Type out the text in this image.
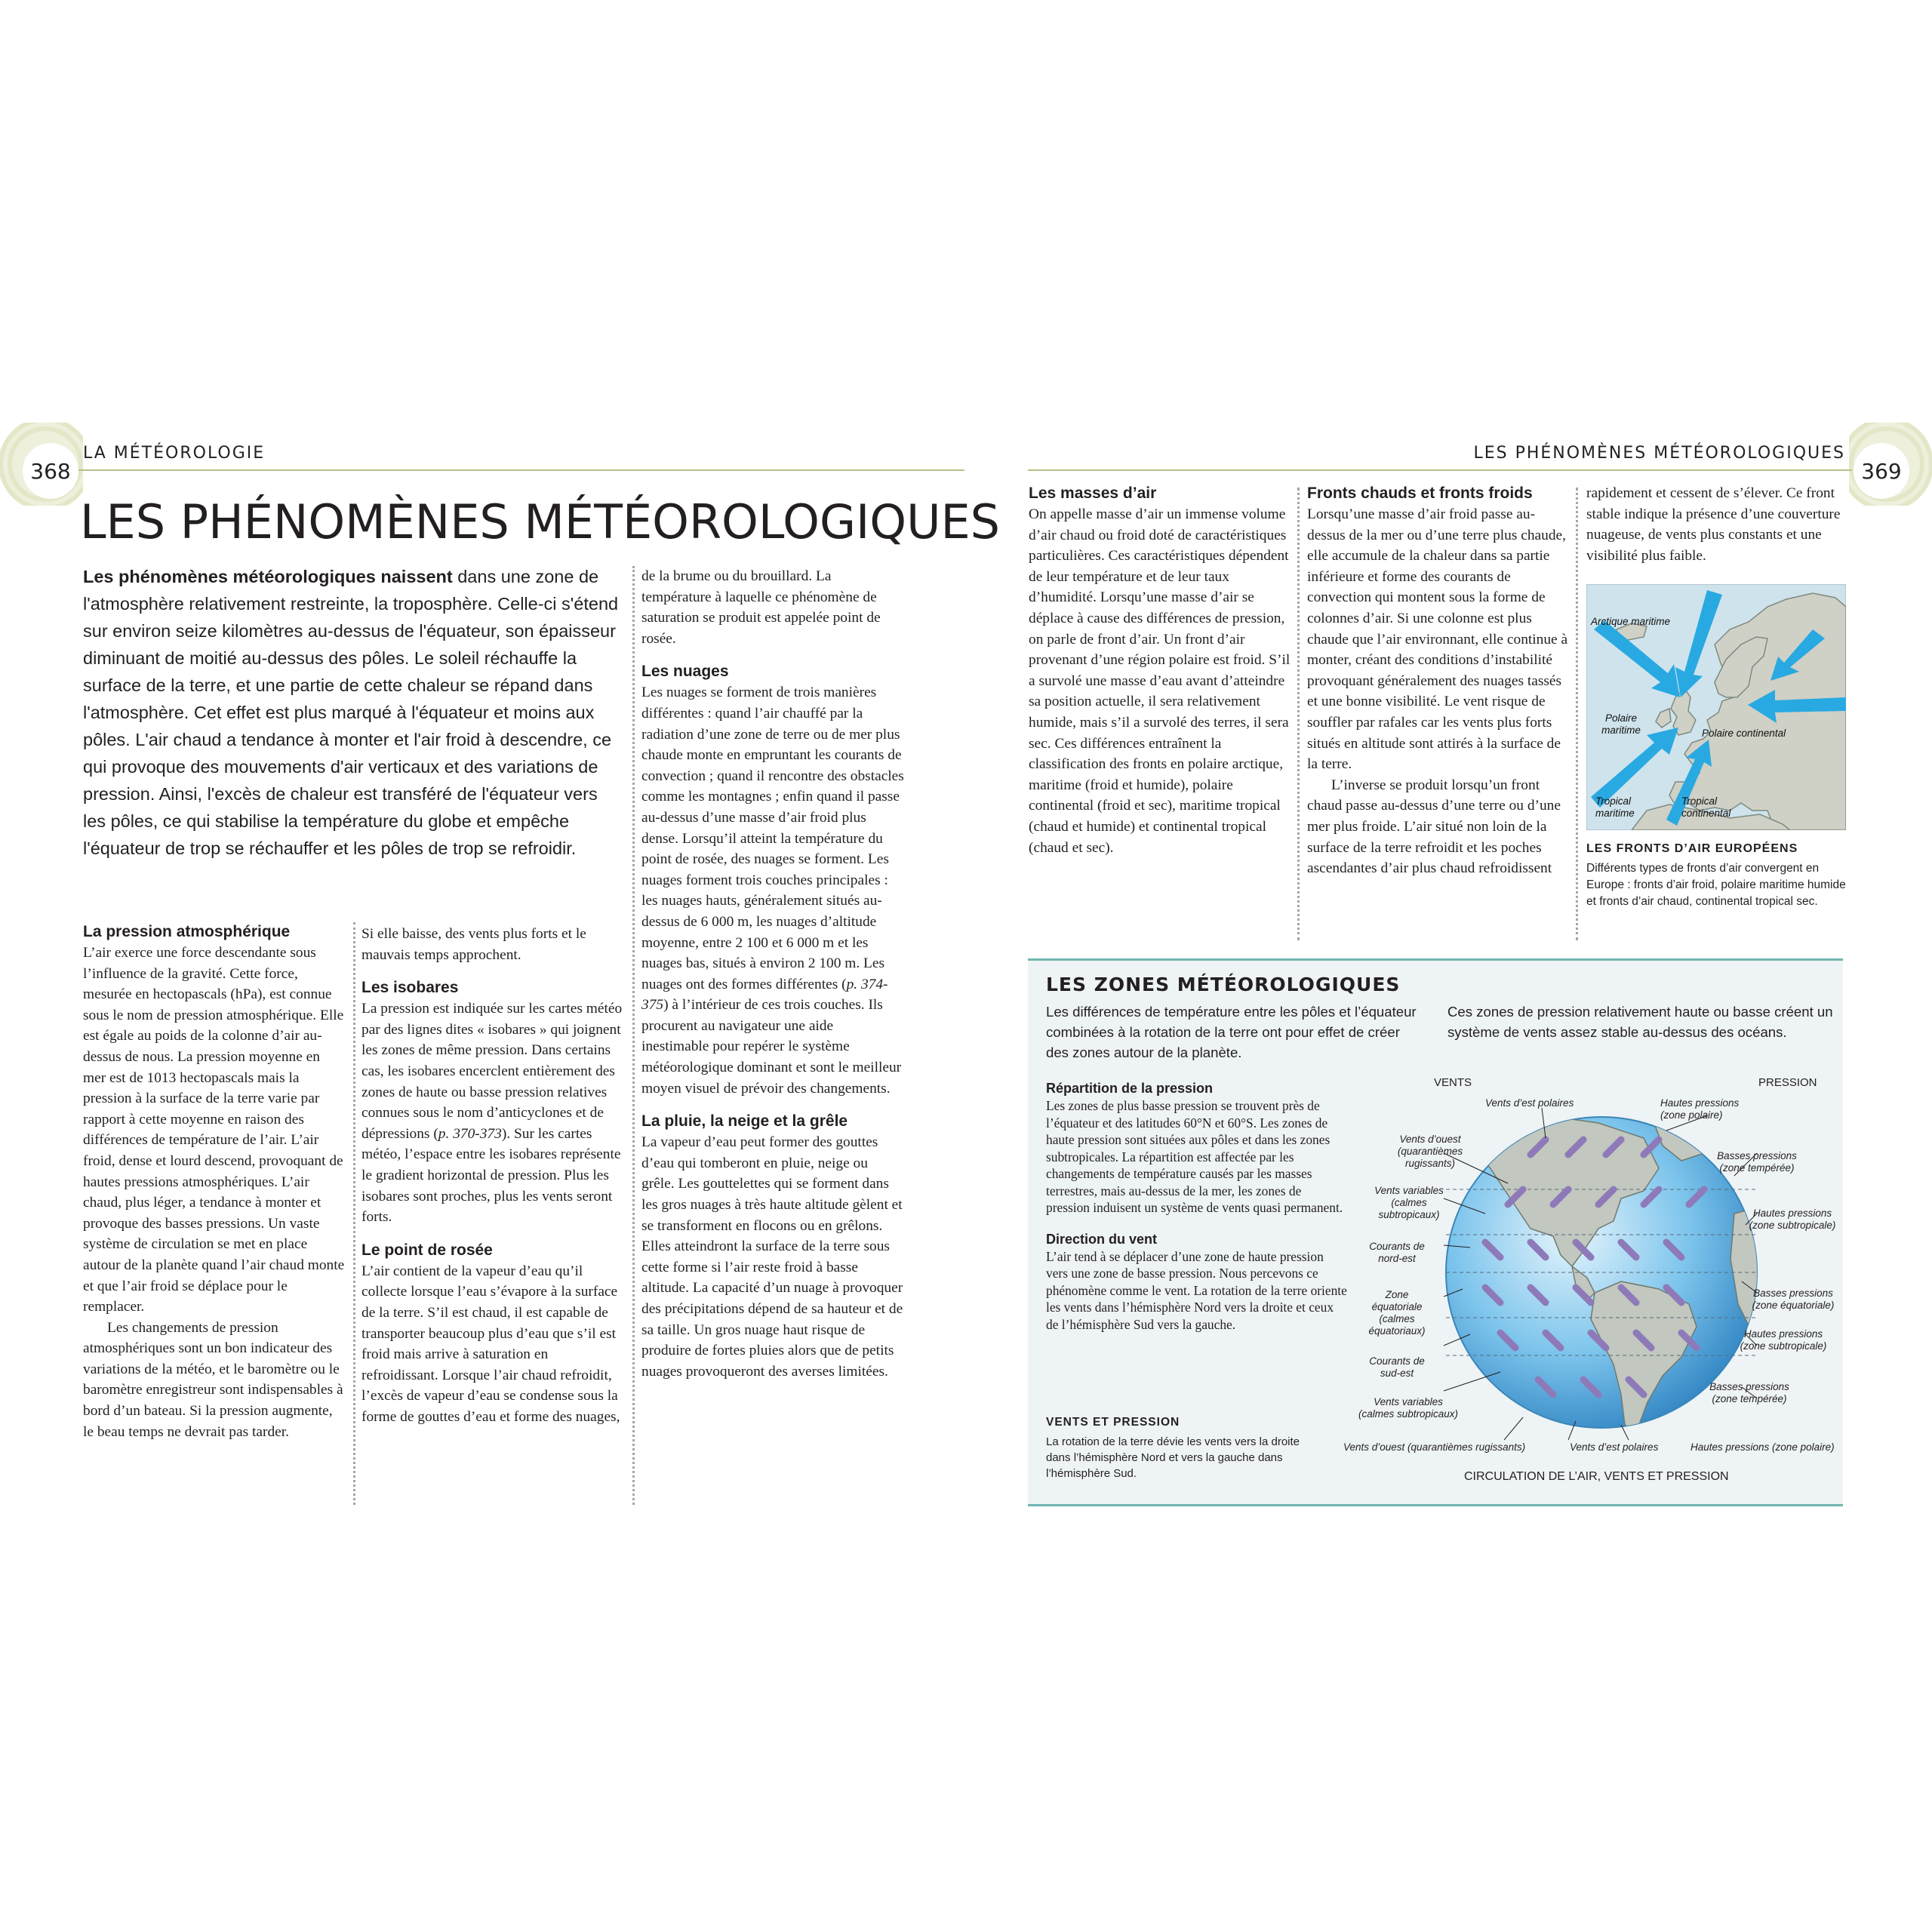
368
LA MÉTÉOROLOGIE
369
LES PHÉNOMÈNES MÉTÉOROLOGIQUES
LES PHÉNOMÈNES MÉTÉOROLOGIQUES
Les phénomènes météorologiques naissent dans une zone de l'atmosphère relativement restreinte, la troposphère. Celle-ci s'étend sur environ seize kilomètres au-dessus de l'équateur, son épaisseur diminuant de moitié au-dessus des pôles. Le soleil réchauffe la surface de la terre, et une partie de cette chaleur se répand dans l'atmosphère. Cet effet est plus marqué à l'équateur et moins aux pôles. L'air chaud a tendance à monter et l'air froid à descendre, ce qui provoque des mouvements d'air verticaux et des variations de pression. Ainsi, l'excès de chaleur est transféré de l'équateur vers les pôles, ce qui stabilise la température du globe et empêche l'équateur de trop se réchauffer et les pôles de trop se refroidir.

La pression atmosphérique

L’air exerce une force descendante sous l’influence de la gravité. Cette force, mesurée en hectopascals (hPa), est connue sous le nom de pression atmosphérique. Elle est égale au poids de la colonne d’air au-dessus de nous. La pression moyenne en mer est de 1013 hectopascals mais la pression à la surface de la terre varie par rapport à cette moyenne en raison des différences de température de l’air. L’air froid, dense et lourd descend, provoquant de hautes pressions atmosphériques. L’air chaud, plus léger, a tendance à monter et provoque des basses pressions. Un vaste système de circulation se met en place autour de la planète quand l’air chaud monte et que l’air froid se déplace pour le remplacer.

Les changements de pression atmosphériques sont un bon indicateur des variations de la météo, et le baromètre ou le baromètre enregistreur sont indispensables à bord d’un bateau. Si la pression augmente, le beau temps ne devrait pas tarder.

Si elle baisse, des vents plus forts et le mauvais temps approchent.

Les isobares

La pression est indiquée sur les cartes météo par des lignes dites « isobares » qui joignent les zones de même pression. Dans certains cas, les isobares encerclent entièrement des zones de haute ou basse pression relatives connues sous le nom d’anticyclones et de dépressions (p. 370-373). Sur les cartes météo, l’espace entre les isobares représente le gradient horizontal de pression. Plus les isobares sont proches, plus les vents seront forts.

Le point de rosée

L’air contient de la vapeur d’eau qu’il collecte lorsque l’eau s’évapore à la surface de la terre. S’il est chaud, il est capable de transporter beaucoup plus d’eau que s’il est froid mais arrive à saturation en refroidissant. Lorsque l’air chaud refroidit, l’excès de vapeur d’eau se condense sous la forme de gouttes d’eau et forme des nuages,

de la brume ou du brouillard. La température à laquelle ce phénomène de saturation se produit est appelée point de rosée.

Les nuages

Les nuages se forment de trois manières différentes : quand l’air chauffé par la radiation d’une zone de terre ou de mer plus chaude monte en empruntant les courants de convection ; quand il rencontre des obstacles comme les montagnes ; enfin quand il passe au-dessus d’une masse d’air froid plus dense. Lorsqu’il atteint la température du point de rosée, des nuages se forment. Les nuages forment trois couches principales : les nuages hauts, généralement situés au-dessus de 6 000 m, les nuages d’altitude moyenne, entre 2 100 et 6 000 m et les nuages bas, situés à environ 2 100 m. Les nuages ont des formes différentes (p. 374-375) à l’intérieur de ces trois couches. Ils procurent au navigateur une aide inestimable pour repérer le système météorologique dominant et sont le meilleur moyen visuel de prévoir des changements.

La pluie, la neige et la grêle

La vapeur d’eau peut former des gouttes d’eau qui tomberont en pluie, neige ou grêle. Les gouttelettes qui se forment dans les gros nuages à très haute altitude gèlent et se transforment en flocons ou en grêlons. Elles atteindront la surface de la terre sous cette forme si l’air reste froid à basse altitude. La capacité d’un nuage à provoquer des précipitations dépend de sa hauteur et de sa taille. Un gros nuage haut risque de produire de fortes pluies alors que de petits nuages provoqueront des averses limitées.

Les masses d’air

On appelle masse d’air un immense volume d’air chaud ou froid doté de caractéristiques particulières. Ces caractéristiques dépendent de leur température et de leur taux d’humidité. Lorsqu’une masse d’air se déplace à cause des différences de pression, on parle de front d’air. Un front d’air provenant d’une région polaire est froid. S’il a survolé une masse d’eau avant d’atteindre sa position actuelle, il sera relativement humide, mais s’il a survolé des terres, il sera sec. Ces différences entraînent la classification des fronts en polaire arctique, maritime (froid et humide), polaire continental (froid et sec), maritime tropical (chaud et humide) et continental tropical (chaud et sec).

Fronts chauds et fronts froids

Lorsqu’une masse d’air froid passe au-dessus de la mer ou d’une terre plus chaude, elle accumule de la chaleur dans sa partie inférieure et forme des courants de convection qui montent sous la forme de colonnes d’air. Si une colonne est plus chaude que l’air environnant, elle continue à monter, créant des conditions d’instabilité provoquant généralement des nuages tassés et une bonne visibilité. Le vent risque de souffler par rafales car les vents plus forts situés en altitude sont attirés à la surface de la terre.

L’inverse se produit lorsqu’un front chaud passe au-dessus d’une terre ou d’une mer plus froide. L’air situé non loin de la surface de la terre refroidit et les poches ascendantes d’air plus chaud refroidissent

rapidement et cessent de s’élever. Ce front stable indique la présence d’une couverture nuageuse, de vents plus constants et une visibilité plus faible.

Arctique maritime
Polaire
maritime	Polaire continental
Tropical
maritime
Tropical
continental
LES FRONTS D’AIR EUROPÉENS
Différents types de fronts d’air convergent en Europe : fronts d’air froid, polaire maritime humide et fronts d’air chaud, continental tropical sec.
LES ZONES MÉTÉOROLOGIQUES
Les différences de température entre les pôles et l’équateur combinées à la rotation de la terre ont pour effet de créer des zones autour de la planète.
Ces zones de pression relativement haute ou basse créent un système de vents assez stable au-dessus des océans.

Répartition de la pression

Les zones de plus basse pression se trouvent près de l’équateur et des latitudes 60°N et 60°S. Les zones de haute pression sont situées aux pôles et dans les zones subtropicales. La répartition est affectée par les changements de température causés par les masses terrestres, mais au-dessus de la mer, les zones de pression induisent un système de vents quasi permanent.

Direction du vent

L’air tend à se déplacer d’une zone de haute pression vers une zone de basse pression. Nous percevons ce phénomène comme le vent. La rotation de la terre oriente les vents dans l’hémisphère Nord vers la droite et ceux de l’hémisphère Sud vers la gauche.

VENTS ET PRESSION
La rotation de la terre dévie les vents vers la droite dans l’hémisphère Nord et vers la gauche dans l’hémisphère Sud.
VENTS	PRESSION
Vents d’est polaires	Hautes pressions
(zone polaire)
Vents d’ouest
(quarantièmes
rugissants)
Vents variables
(calmes
subtropicaux)
Courants de
nord-est
Zone
équatoriale
(calmes
équatoriaux)
Courants de
sud-est
Vents variables
(calmes subtropicaux)
Basses pressions
(zone tempérée)
Hautes pressions
(zone subtropicale)
Basses pressions
(zone équatoriale)
Hautes pressions
(zone subtropicale)
Basses pressions
(zone tempérée)
Vents d’ouest (quarantièmes rugissants)	Vents d’est polaires	Hautes pressions (zone polaire)
CIRCULATION DE L’AIR, VENTS ET PRESSION
